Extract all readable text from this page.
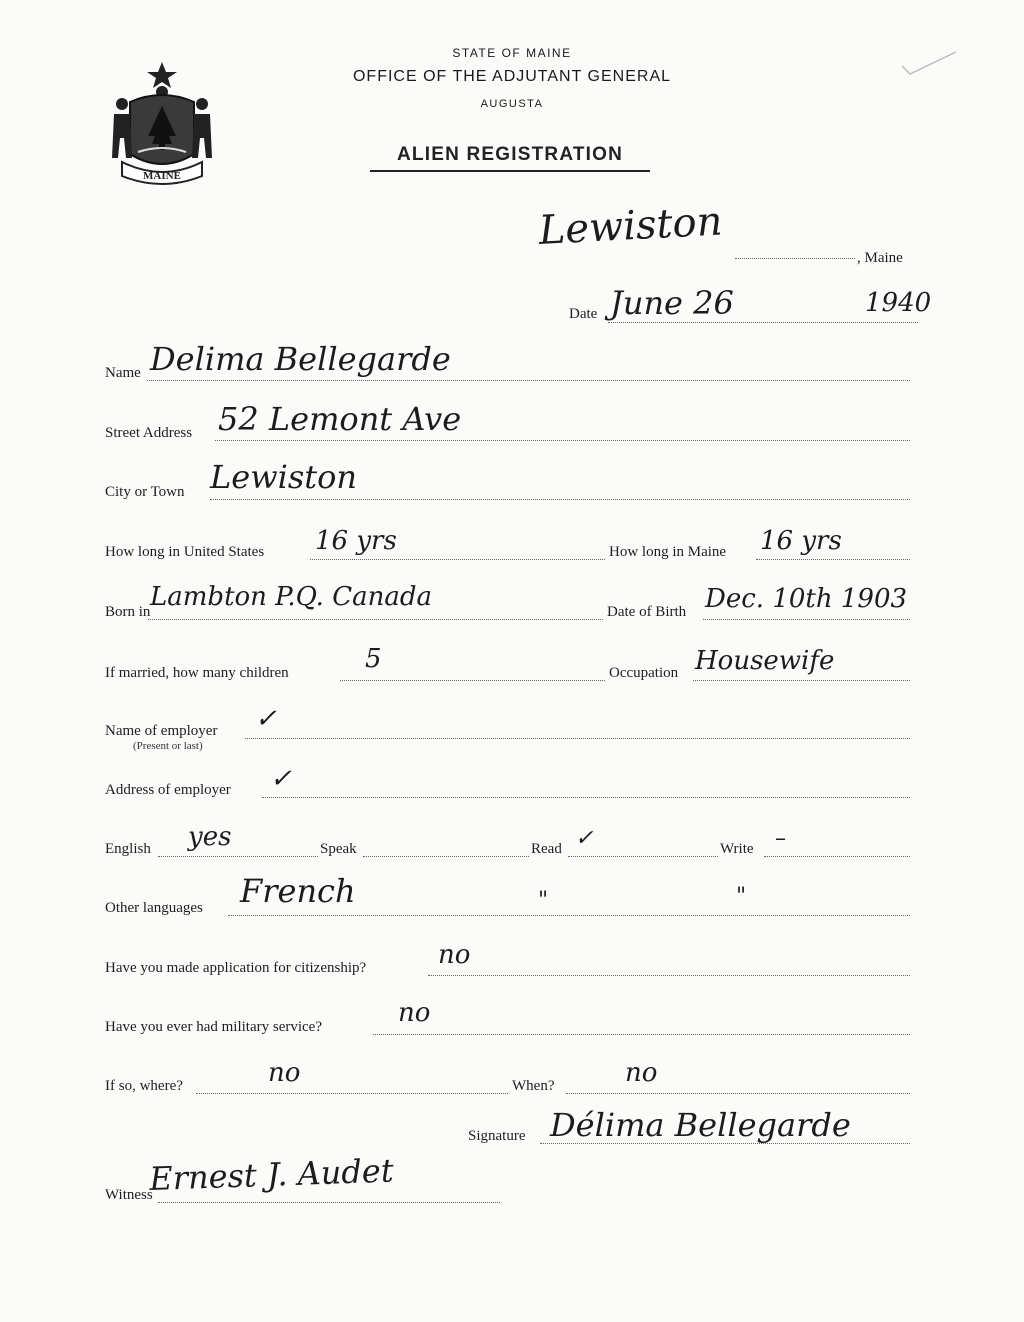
MAINE
STATE OF MAINE
OFFICE OF THE ADJUTANT GENERAL
AUGUSTA
ALIEN REGISTRATION
Lewiston
, Maine
Date June 26	1940
Name Delima Bellegarde
Street Address 52 Lemont Ave
City or Town Lewiston
How long in United States 16 yrs	How long in Maine 16 yrs
Born in Lambton P.Q. Canada	Date of Birth Dec. 10th 1903
If married, how many children	5	Occupation Housewife
Name of employer
(Present or last)
✓
Address of employer ✓
English yes	Speak	Read ✓	Write –
Other languages French	"	"
Have you made application for citizenship?	no
Have you ever had military service?	no
If so, where?	no	When?	no
Signature Délima Bellegarde
Witness
Ernest J. Audet
